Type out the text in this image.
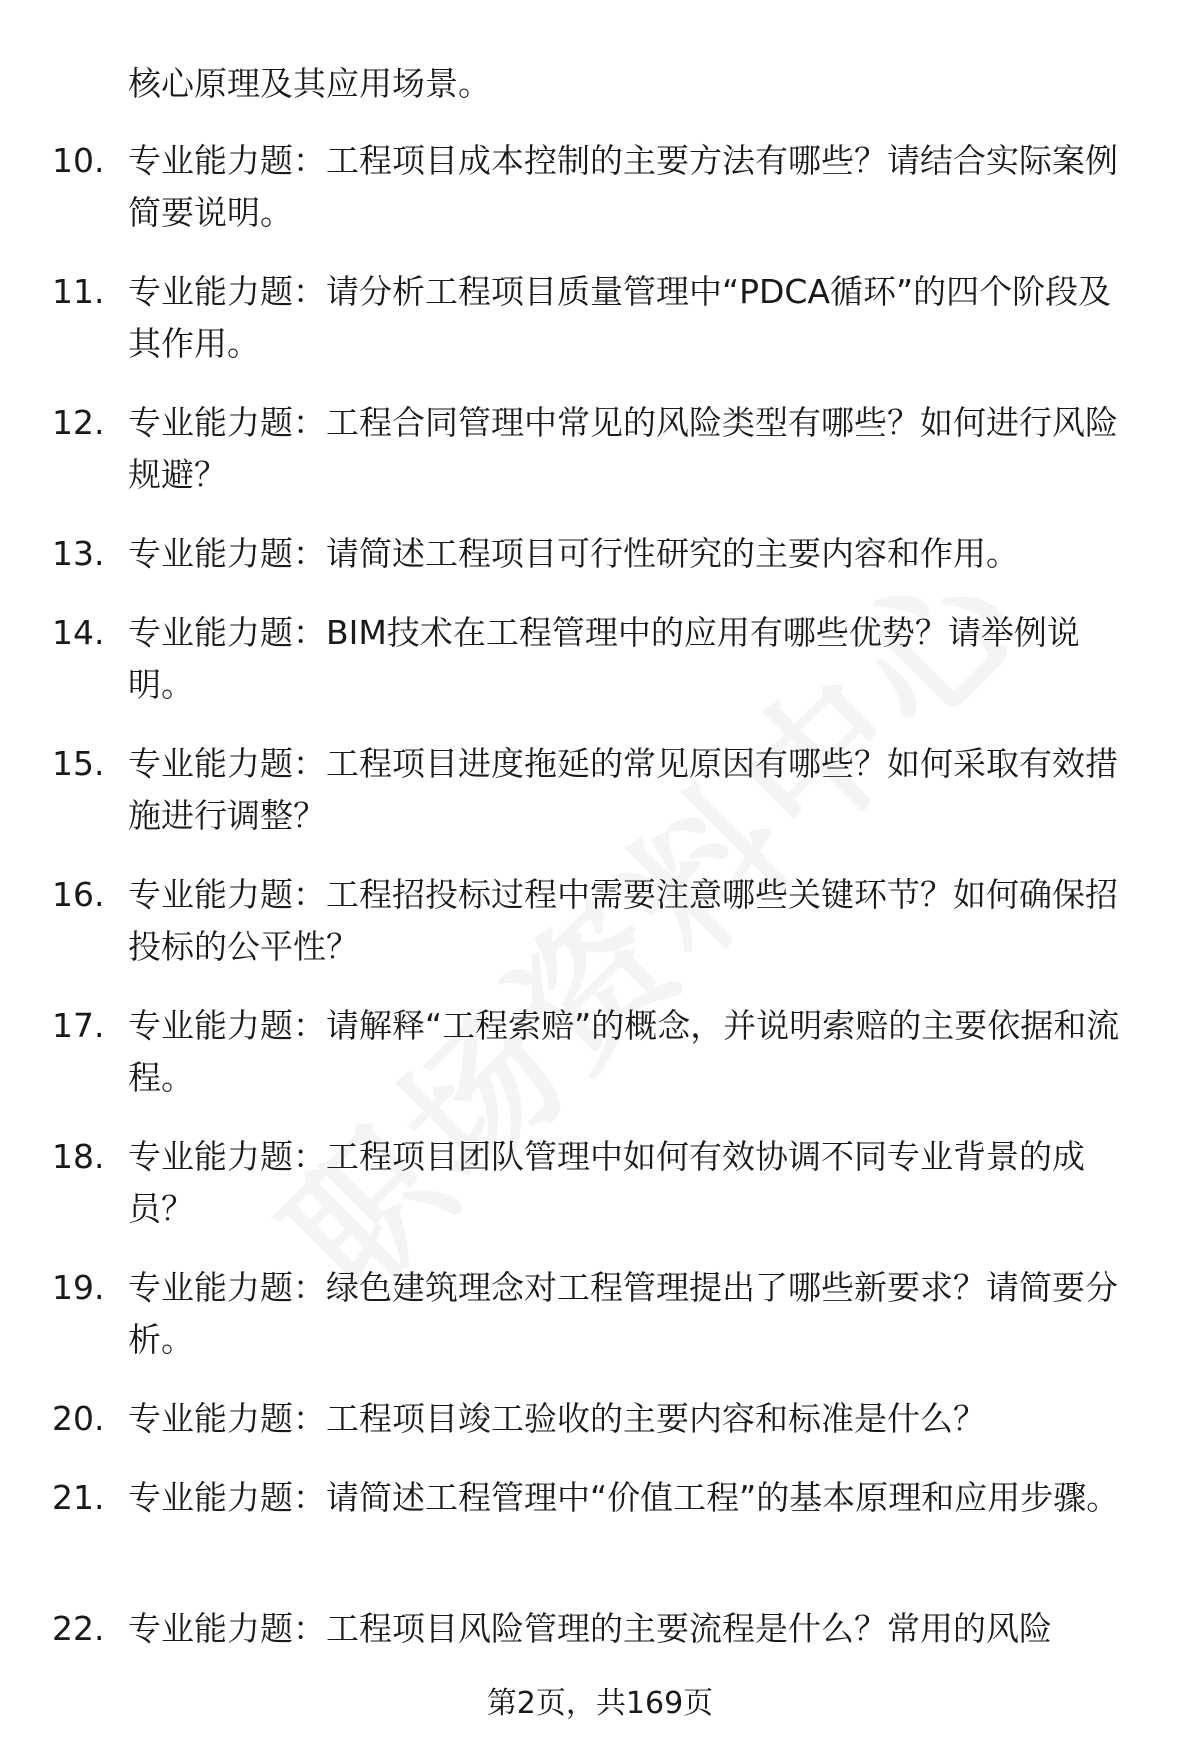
核心原理及其应用场景。
10. 专业能力题：工程项目成本控制的主要方法有哪些？请结合实际案例简要说明。
11. 专业能力题：请分析工程项目质量管理中“PDCA循环”的四个阶段及其作用。
12. 专业能力题：工程合同管理中常见的风险类型有哪些？如何进行风险规避？
13. 专业能力题：请简述工程项目可行性研究的主要内容和作用。
14. 专业能力题：BIM技术在工程管理中的应用有哪些优势？请举例说明。
15. 专业能力题：工程项目进度拖延的常见原因有哪些？如何采取有效措施进行调整？
16. 专业能力题：工程招投标过程中需要注意哪些关键环节？如何确保招投标的公平性？
17. 专业能力题：请解释“工程索赔”的概念，并说明索赔的主要依据和流程。
18. 专业能力题：工程项目团队管理中如何有效协调不同专业背景的成员？
19. 专业能力题：绿色建筑理念对工程管理提出了哪些新要求？请简要分析。
20. 专业能力题：工程项目竣工验收的主要内容和标准是什么？
21. 专业能力题：请简述工程管理中“价值工程”的基本原理和应用步骤。
22. 专业能力题：工程项目风险管理的主要流程是什么？常用的风险
第2页，共169页
